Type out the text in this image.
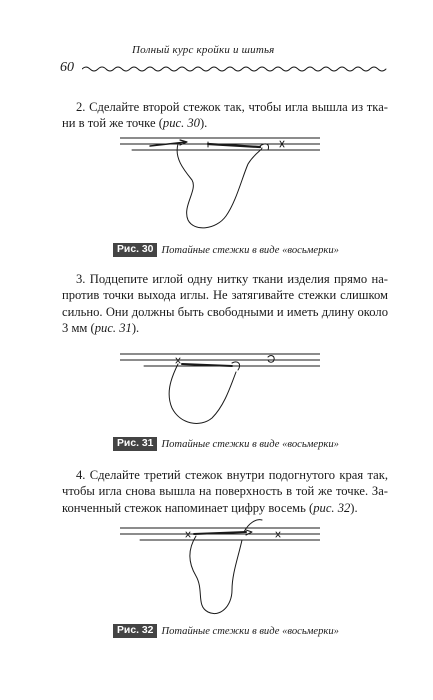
60
Полный курс кройки и шитья

2. Сделайте второй стежок так, чтобы игла вышла из ткани в той же точке (рис. 30).

Рис. 30 Потайные стежки в виде «восьмерки»

3. Подцепите иглой одну нитку ткани изделия прямо напротив точки выхода иглы. Не затягивайте стежки слишком сильно. Они должны быть свободными и иметь длину около 3 мм (рис. 31).

Рис. 31 Потайные стежки в виде «восьмерки»

4. Сделайте третий стежок внутри подогнутого края так, чтобы игла снова вышла на поверхность в той же точке. Законченный стежок напоминает цифру восемь (рис. 32).

Рис. 32 Потайные стежки в виде «восьмерки»
